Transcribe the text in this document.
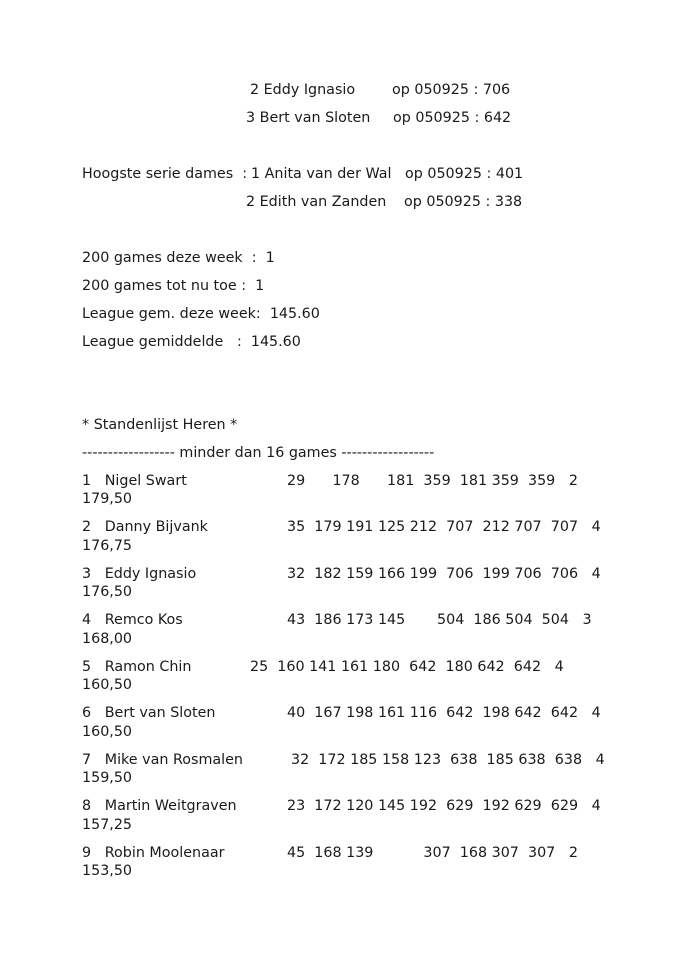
2 Eddy Ignasio	op 050925 : 706
3 Bert van Sloten op 050925 : 642
Hoogste serie dames  : 1 Anita van der Wal op 050925 : 401
2 Edith van Zanden op 050925 : 338
200 games deze week  :  1
200 games tot nu toe :  1
League gem. deze week:  145.60
League gemiddelde   :  145.60
* Standenlijst Heren *
------------------ minder dan 16 games ------------------
1   Nigel Swart	29      178      181  359  181 359  359   2
179,50
2   Danny Bijvank	35  179 191 125 212  707  212 707  707   4
176,75
3   Eddy Ignasio	32  182 159 166 199  706  199 706  706   4
176,50
4   Remco Kos	43  186 173 145       504  186 504  504   3
168,00
5   Ramon Chin	25  160 141 161 180  642  180 642  642   4
160,50
6   Bert van Sloten	40  167 198 161 116  642  198 642  642   4
160,50
7   Mike van Rosmalen	32  172 185 158 123  638  185 638  638   4
159,50
8   Martin Weitgraven	23  172 120 145 192  629  192 629  629   4
157,25
9   Robin Moolenaar	45  168 139           307  168 307  307   2
153,50
